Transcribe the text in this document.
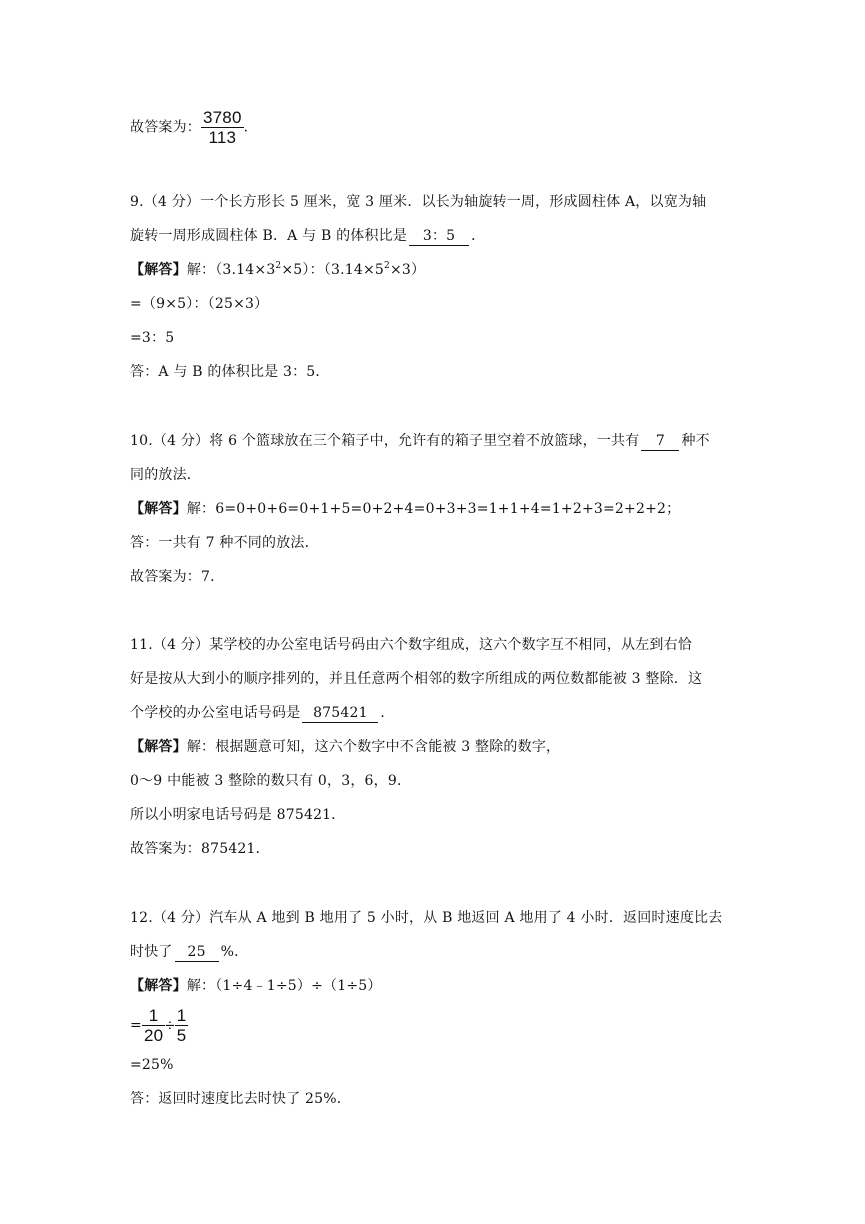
故答案为： $\frac{3780}{113}$ .
9.（4 分）一个长方形长 5 厘米，宽 3 厘米．以长为轴旋转一周，形成圆柱体 A，以宽为轴
旋转一周形成圆柱体 B．A 与 B 的体积比是 3：5 ．
【解答】解：$(3.14\times 3^2\times 5)$：$(3.14\times 5^2\times 3)$
=（9×5）：（25×3）
=3：5
答：A 与 B 的体积比是 3：5．
10.（4 分）将 6 个篮球放在三个箱子中，允许有的箱子里空着不放篮球，一共有 7 种不
同的放法．
【解答】解：6=0+0+6=0+1+5=0+2+4=0+3+3=1+1+4=1+2+3=2+2+2；
答：一共有 7 种不同的放法．
故答案为：7．
11.（4 分）某学校的办公室电话号码由六个数字组成，这六个数字互不相同，从左到右恰
好是按从大到小的顺序排列的，并且任意两个相邻的数字所组成的两位数都能被 3 整除．这
个学校的办公室电话号码是 875421 ．
【解答】解：根据题意可知，这六个数字中不含能被 3 整除的数字，
0～9 中能被 3 整除的数只有 0，3，6，9．
所以小明家电话号码是 875421．
故答案为：875421．
12.（4 分）汽车从 A 地到 B 地用了 5 小时，从 B 地返回 A 地用了 4 小时．返回时速度比去
时快了 25 %．
【解答】解：（1÷4﹣1÷5）÷（1÷5）
= $\frac{1}{20} \div \frac{1}{5}$
=25%
答：返回时速度比去时快了 25%．
